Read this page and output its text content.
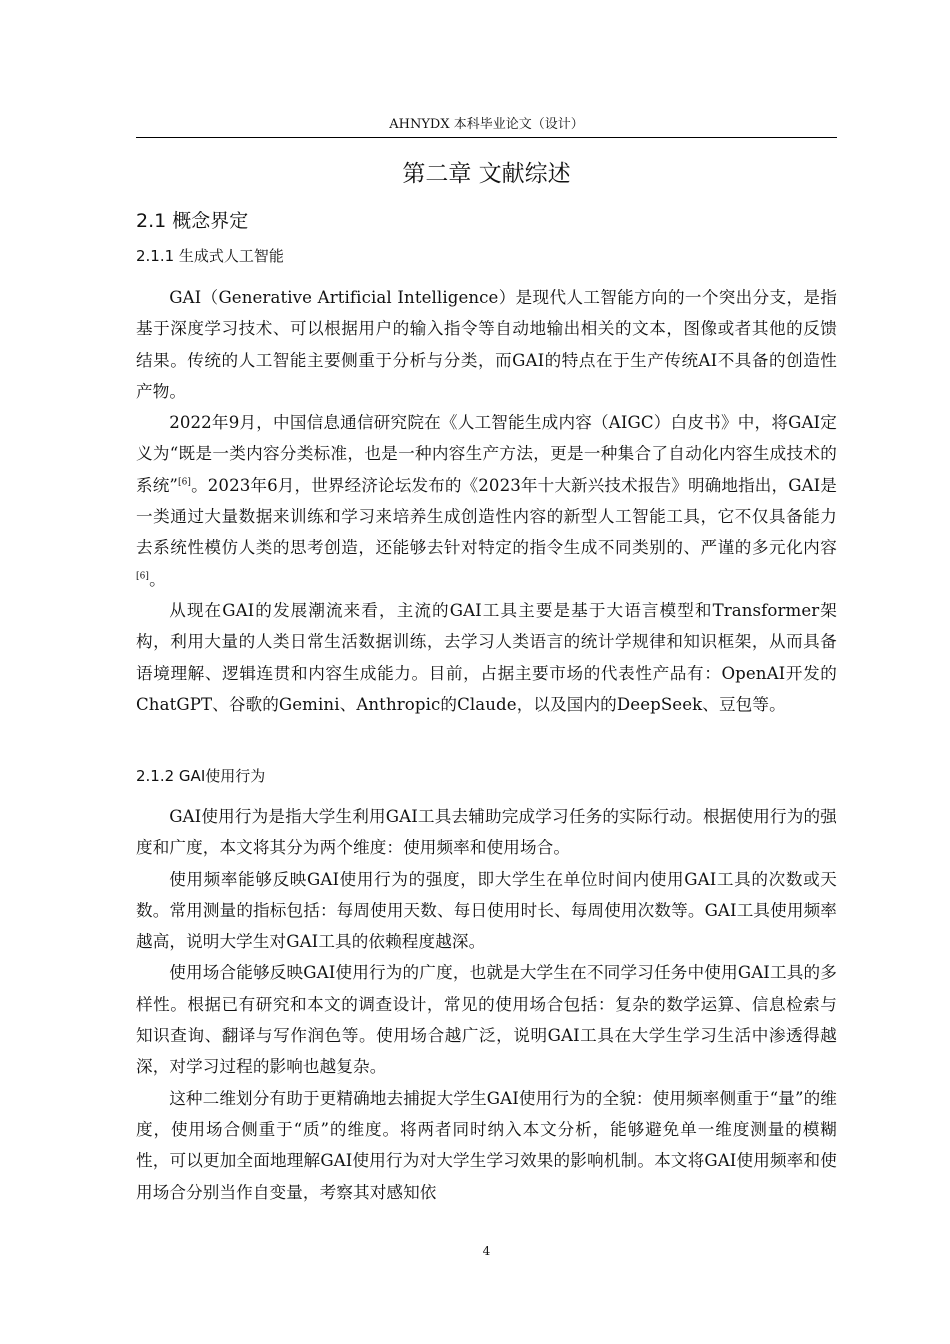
AHNYDX 本科毕业论文（设计）
第二章 文献综述
2.1 概念界定
2.1.1 生成式人工智能

GAI（Generative Artificial Intelligence）是现代人工智能方向的一个突出分支，是指基于深度学习技术、可以根据用户的输入指令等自动地输出相关的文本，图像或者其他的反馈结果。传统的人工智能主要侧重于分析与分类，而GAI的特点在于生产传统AI不具备的创造性产物。

2022年9月，中国信息通信研究院在《人工智能生成内容（AIGC）白皮书》中，将GAI定义为“既是一类内容分类标准，也是一种内容生产方法，更是一种集合了自动化内容生成技术的系统”[6]。2023年6月，世界经济论坛发布的《2023年十大新兴技术报告》明确地指出，GAI是一类通过大量数据来训练和学习来培养生成创造性内容的新型人工智能工具，它不仅具备能力去系统性模仿人类的思考创造，还能够去针对特定的指令生成不同类别的、严谨的多元化内容[6]。

从现在GAI的发展潮流来看，主流的GAI工具主要是基于大语言模型和Transformer架构，利用大量的人类日常生活数据训练，去学习人类语言的统计学规律和知识框架，从而具备语境理解、逻辑连贯和内容生成能力。目前，占据主要市场的代表性产品有：OpenAI开发的ChatGPT、谷歌的Gemini、Anthropic的Claude，以及国内的DeepSeek、豆包等。

2.1.2 GAI使用行为

GAI使用行为是指大学生利用GAI工具去辅助完成学习任务的实际行动。根据使用行为的强度和广度，本文将其分为两个维度：使用频率和使用场合。

使用频率能够反映GAI使用行为的强度，即大学生在单位时间内使用GAI工具的次数或天数。常用测量的指标包括：每周使用天数、每日使用时长、每周使用次数等。GAI工具使用频率越高，说明大学生对GAI工具的依赖程度越深。

使用场合能够反映GAI使用行为的广度，也就是大学生在不同学习任务中使用GAI工具的多样性。根据已有研究和本文的调查设计，常见的使用场合包括：复杂的数学运算、信息检索与知识查询、翻译与写作润色等。使用场合越广泛，说明GAI工具在大学生学习生活中渗透得越深，对学习过程的影响也越复杂。

这种二维划分有助于更精确地去捕捉大学生GAI使用行为的全貌：使用频率侧重于“量”的维度，使用场合侧重于“质”的维度。将两者同时纳入本文分析，能够避免单一维度测量的模糊性，可以更加全面地理解GAI使用行为对大学生学习效果的影响机制。本文将GAI使用频率和使用场合分别当作自变量，考察其对感知依

4
